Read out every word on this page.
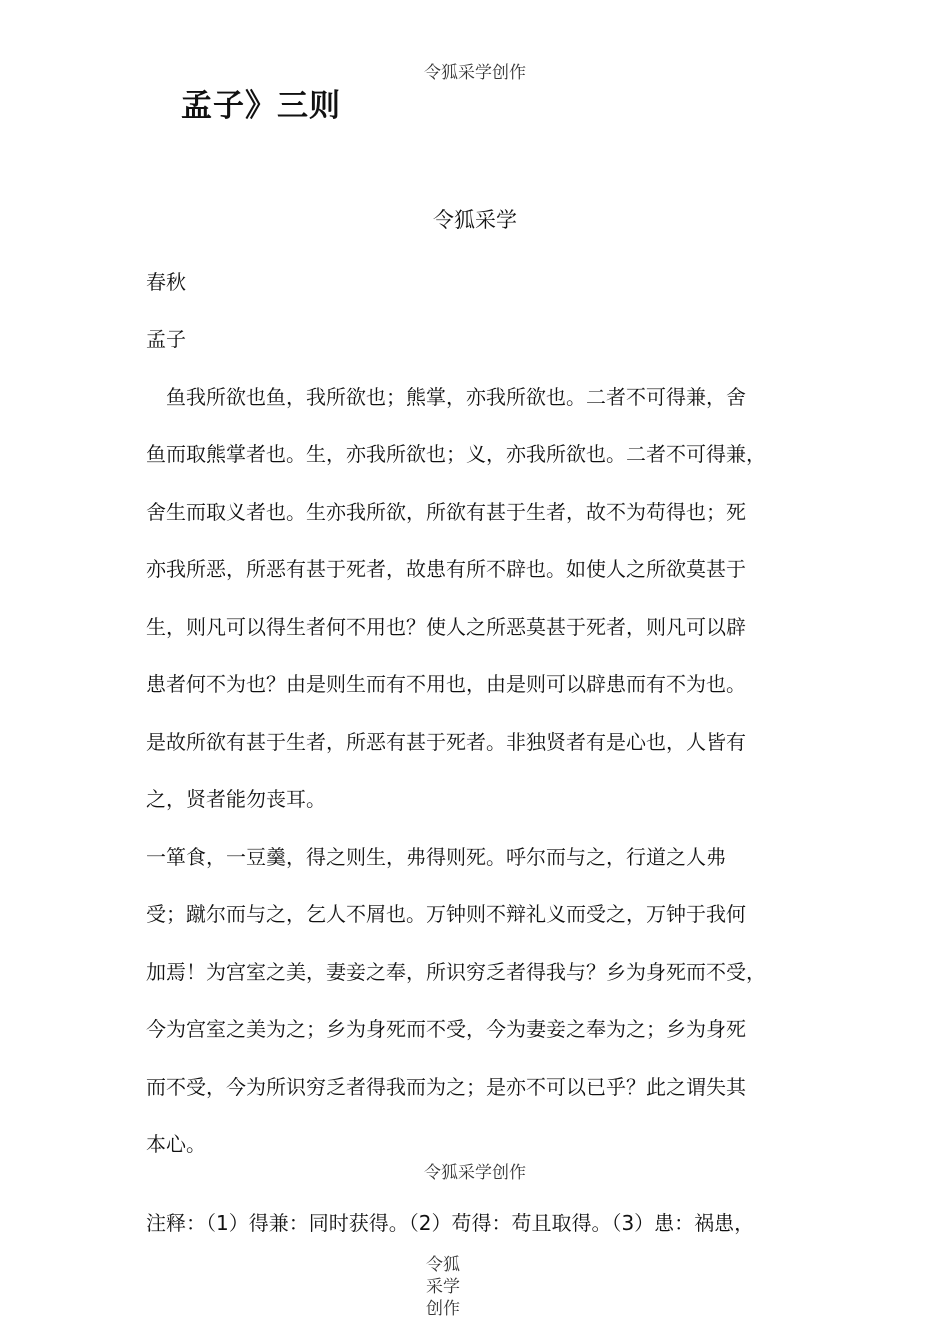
令狐采学创作
孟子》三则
令狐采学
春秋
孟子
　鱼我所欲也鱼，我所欲也；熊掌，亦我所欲也。二者不可得兼，舍
鱼而取熊掌者也。生，亦我所欲也；义，亦我所欲也。二者不可得兼，
舍生而取义者也。生亦我所欲，所欲有甚于生者，故不为苟得也；死
亦我所恶，所恶有甚于死者，故患有所不辟也。如使人之所欲莫甚于
生，则凡可以得生者何不用也？使人之所恶莫甚于死者，则凡可以辟
患者何不为也？由是则生而有不用也，由是则可以辟患而有不为也。
是故所欲有甚于生者，所恶有甚于死者。非独贤者有是心也，人皆有
之，贤者能勿丧耳。
一箪食，一豆羹，得之则生，弗得则死。呼尔而与之，行道之人弗
受；蹴尔而与之，乞人不屑也。万钟则不辩礼义而受之，万钟于我何
加焉！为宫室之美，妻妾之奉，所识穷乏者得我与？乡为身死而不受，
今为宫室之美为之；乡为身死而不受，今为妻妾之奉为之；乡为身死
而不受，今为所识穷乏者得我而为之；是亦不可以已乎？此之谓失其
本心。
令狐采学创作
注释：（1）得兼：同时获得。（2）苟得：苟且取得。（3）患：祸患，
令狐
采学
创作
